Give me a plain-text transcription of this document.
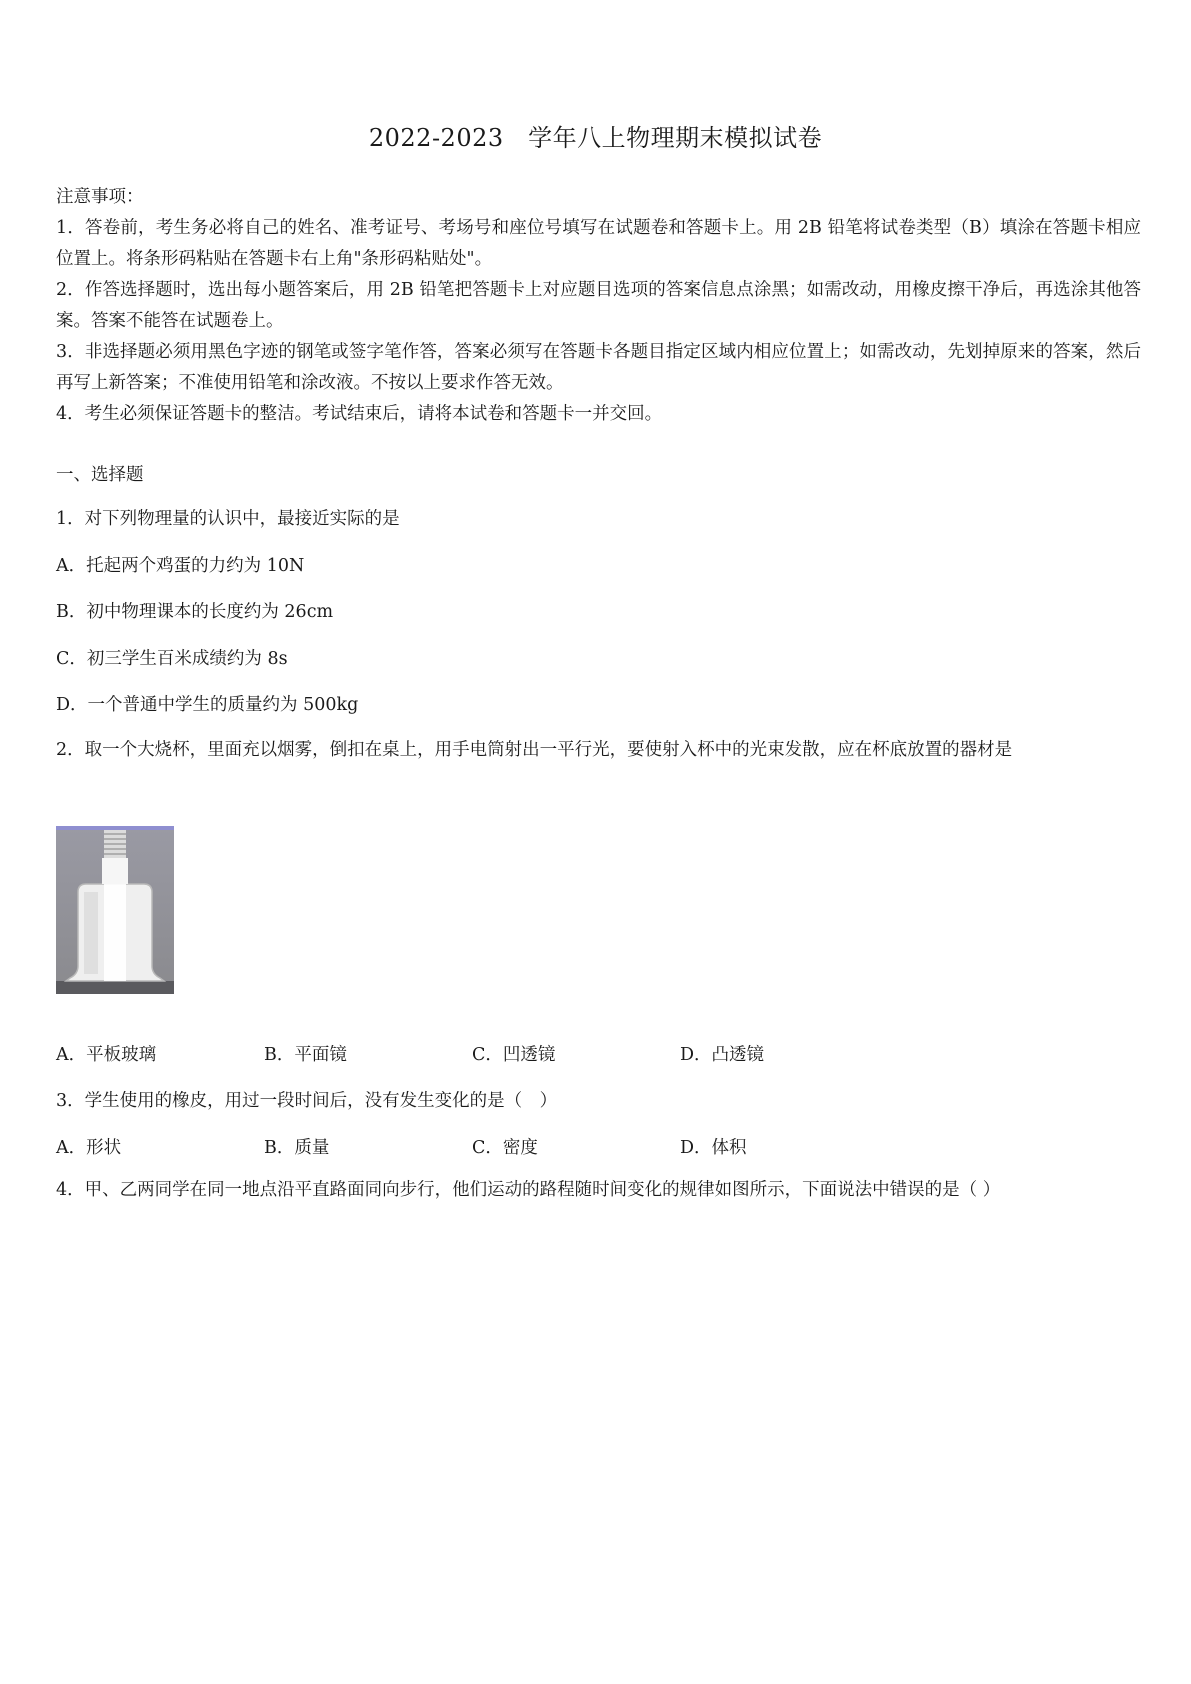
2022-2023　学年八上物理期末模拟试卷

注意事项：

1．答卷前，考生务必将自己的姓名、准考证号、考场号和座位号填写在试题卷和答题卡上。用 2B 铅笔将试卷类型（B）填涂在答题卡相应位置上。将条形码粘贴在答题卡右上角"条形码粘贴处"。

2．作答选择题时，选出每小题答案后，用 2B 铅笔把答题卡上对应题目选项的答案信息点涂黑；如需改动，用橡皮擦干净后，再选涂其他答案。答案不能答在试题卷上。

3．非选择题必须用黑色字迹的钢笔或签字笔作答，答案必须写在答题卡各题目指定区域内相应位置上；如需改动，先划掉原来的答案，然后再写上新答案；不准使用铅笔和涂改液。不按以上要求作答无效。

4．考生必须保证答题卡的整洁。考试结束后，请将本试卷和答题卡一并交回。

一、选择题
1．对下列物理量的认识中，最接近实际的是
A．托起两个鸡蛋的力约为 10N
B．初中物理课本的长度约为 26cm
C．初三学生百米成绩约为 8s
D．一个普通中学生的质量约为 500kg
2．取一个大烧杯，里面充以烟雾，倒扣在桌上，用手电筒射出一平行光，要使射入杯中的光束发散，应在杯底放置的器材是
A．平板玻璃	B．平面镜	C．凹透镜	D．凸透镜
3．学生使用的橡皮，用过一段时间后，没有发生变化的是（　）
A．形状	B．质量	C．密度	D．体积
4．甲、乙两同学在同一地点沿平直路面同向步行，他们运动的路程随时间变化的规律如图所示，下面说法中错误的是（ ）
